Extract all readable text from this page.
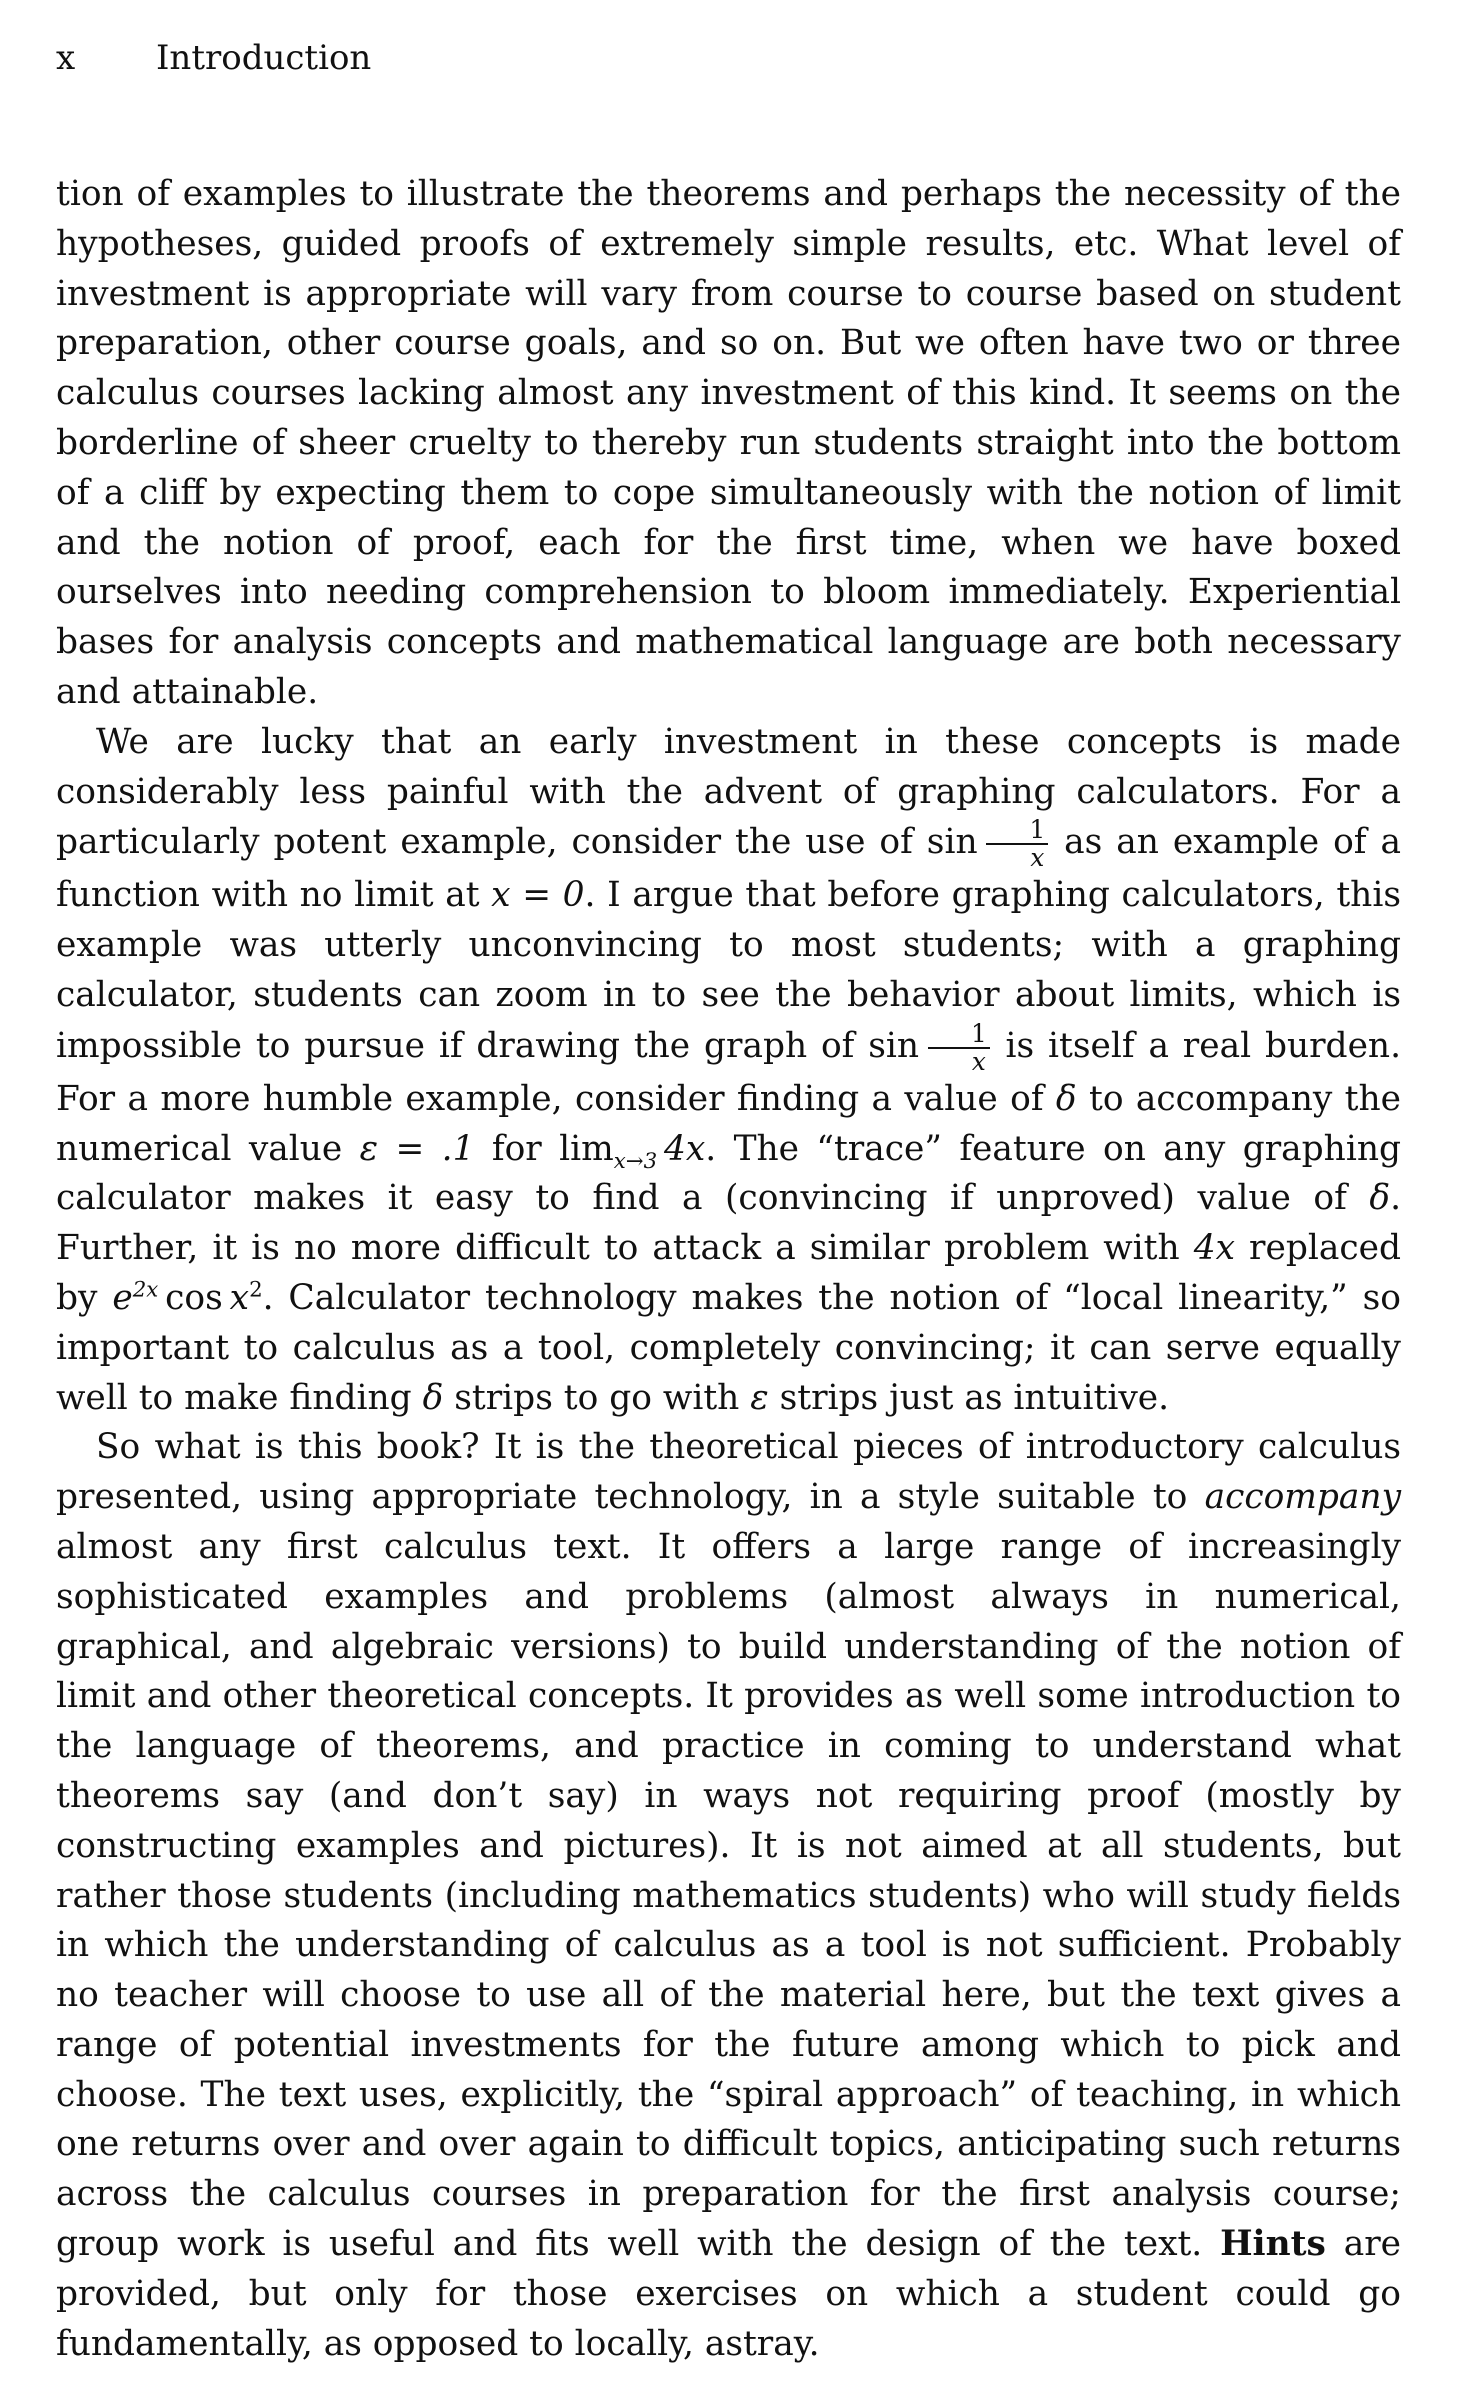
x Introduction

tion of examples to illustrate the theorems and perhaps the necessity of the hypotheses, guided proofs of extremely simple results, etc. What level of investment is appropriate will vary from course to course based on student preparation, other course goals, and so on. But we often have two or three calculus courses lacking almost any investment of this kind. It seems on the borderline of sheer cruelty to thereby run students straight into the bottom of a cliff by expecting them to cope simultaneously with the notion of limit and the notion of proof, each for the first time, when we have boxed ourselves into needing comprehension to bloom immediately. Experiential bases for analysis concepts and mathematical language are both necessary and attainable.

We are lucky that an early investment in these concepts is made considerably less painful with the advent of graphing calculators. For a particularly potent example, consider the use of $\sin \frac{1}{x}$ as an example of a function with no limit at x = 0. I argue that before graphing calculators, this example was utterly unconvincing to most students; with a graphing calculator, students can zoom in to see the behavior about limits, which is impossible to pursue if drawing the graph of $\sin \frac{1}{x}$ is itself a real burden. For a more humble example, consider finding a value of δ to accompany the numerical value ε = .1 for $\lim_{x\to 3} 4x$. The “trace” feature on any graphing calculator makes it easy to find a (convincing if unproved) value of δ. Further, it is no more difficult to attack a similar problem with 4x replaced by $e^{2x}$  $\cos x^2$. Calculator technology makes the notion of “local linearity,” so important to calculus as a tool, completely convincing; it can serve equally well to make finding δ strips to go with ε strips just as intuitive.

So what is this book? It is the theoretical pieces of introductory calculus presented, using appropriate technology, in a style suitable to accompany almost any first calculus text. It offers a large range of increasingly sophisticated examples and problems (almost always in numerical, graphical, and algebraic versions) to build understanding of the notion of limit and other theoretical concepts. It provides as well some introduction to the language of theorems, and practice in coming to understand what theorems say (and don’t say) in ways not requiring proof (mostly by constructing examples and pictures). It is not aimed at all students, but rather those students (including mathematics students) who will study fields in which the understanding of calculus as a tool is not sufficient. Probably no teacher will choose to use all of the material here, but the text gives a range of potential investments for the future among which to pick and choose. The text uses, explicitly, the “spiral approach” of teaching, in which one returns over and over again to difficult topics, anticipating such returns across the calculus courses in preparation for the first analysis course; group work is useful and fits well with the design of the text. Hints are provided, but only for those exercises on which a student could go fundamentally, as opposed to locally, astray.
